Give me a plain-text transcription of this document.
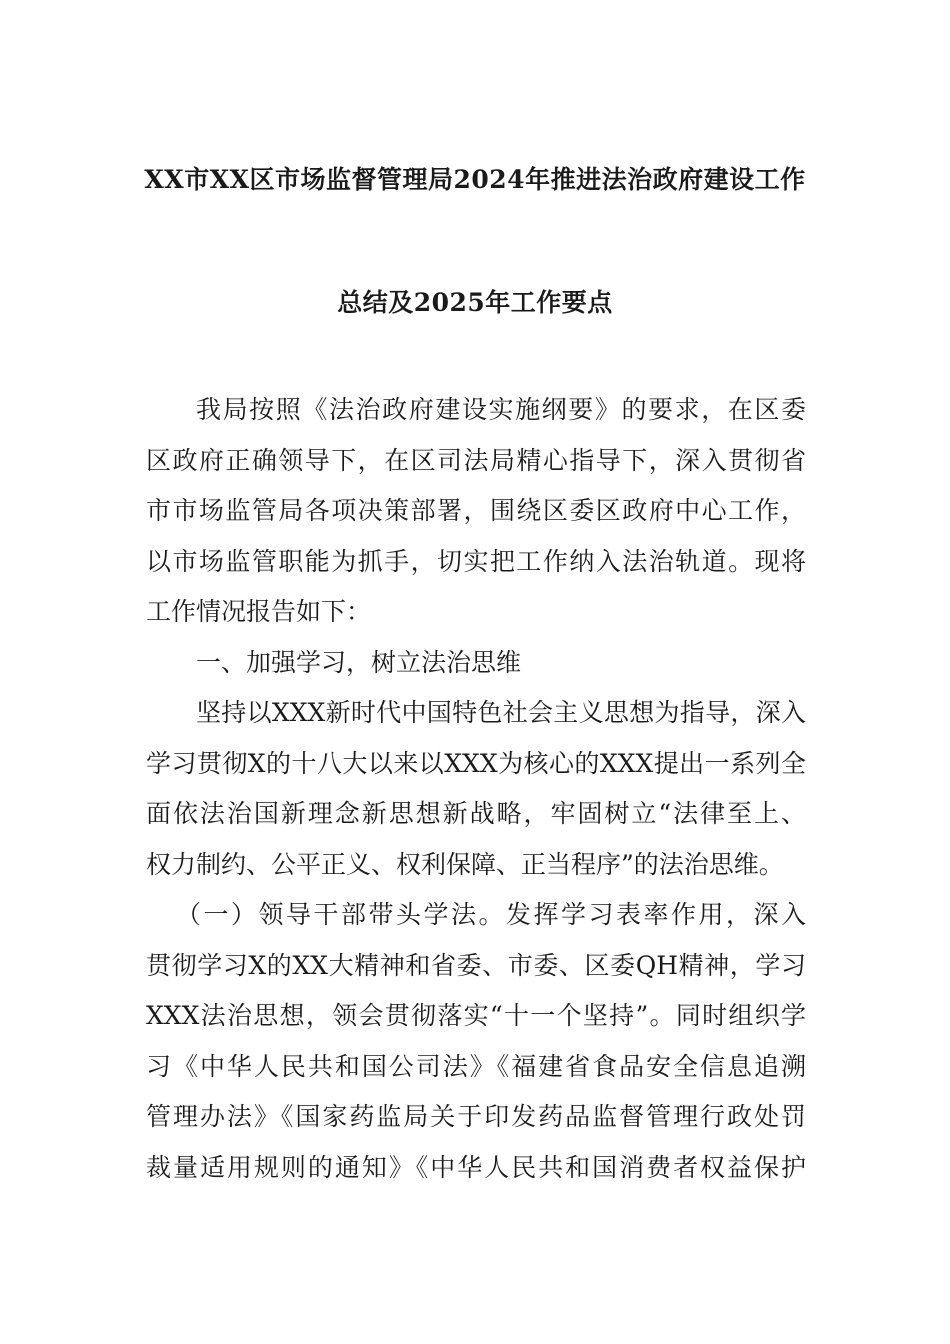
XX市XX区市场监督管理局2024年推进法治政府建设工作
总结及2025年工作要点
我局按照《法治政府建设实施纲要》的要求，在区委
区政府正确领导下，在区司法局精心指导下，深入贯彻省
市市场监管局各项决策部署，围绕区委区政府中心工作，
以市场监管职能为抓手，切实把工作纳入法治轨道。现将
工作情况报告如下：
一、加强学习，树立法治思维
坚持以XXX新时代中国特色社会主义思想为指导，深入
学习贯彻X的十八大以来以XXX为核心的XXX提出一系列全
面依法治国新理念新思想新战略，牢固树立“法律至上、
权力制约、公平正义、权利保障、正当程序”的法治思维。
（一）领导干部带头学法。发挥学习表率作用，深入
贯彻学习X的XX大精神和省委、市委、区委QH精神，学习
XXX法治思想，领会贯彻落实“十一个坚持”。同时组织学
习《中华人民共和国公司法》《福建省食品安全信息追溯
管理办法》《国家药监局关于印发药品监督管理行政处罚
裁量适用规则的通知》《中华人民共和国消费者权益保护
